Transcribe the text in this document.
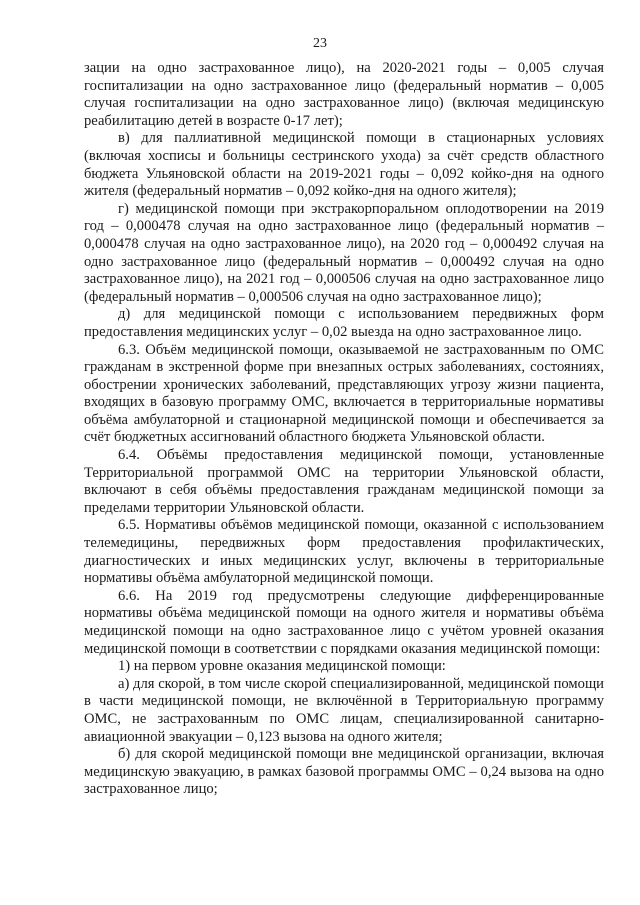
23

зации на одно застрахованное лицо), на 2020-2021 годы – 0,005 случая госпитализации на одно застрахованное лицо (федеральный норматив – 0,005 случая госпитализации на одно застрахованное лицо) (включая медицинскую реабилитацию детей в возрасте 0-17 лет);

в) для паллиативной медицинской помощи в стационарных условиях (включая хосписы и больницы сестринского ухода) за счёт средств областного бюджета Ульяновской области на 2019-2021 годы – 0,092 койко-дня на одного жителя (федеральный норматив – 0,092 койко-дня на одного жителя);

г) медицинской помощи при экстракорпоральном оплодотворении на 2019 год – 0,000478 случая на одно застрахованное лицо (федеральный норматив – 0,000478 случая на одно застрахованное лицо), на 2020 год – 0,000492 случая на одно застрахованное лицо (федеральный норматив – 0,000492 случая на одно застрахованное лицо), на 2021 год – 0,000506 случая на одно застрахованное лицо (федеральный норматив – 0,000506 случая на одно застрахованное лицо);

д) для медицинской помощи с использованием передвижных форм предоставления медицинских услуг – 0,02 выезда на одно застрахованное лицо.

6.3. Объём медицинской помощи, оказываемой не застрахованным по ОМС гражданам в экстренной форме при внезапных острых заболеваниях, состояниях, обострении хронических заболеваний, представляющих угрозу жизни пациента, входящих в базовую программу ОМС, включается в территориальные нормативы объёма амбулаторной и стационарной медицинской помощи и обеспечивается за счёт бюджетных ассигнований областного бюджета Ульяновской области.

6.4. Объёмы предоставления медицинской помощи, установленные Территориальной программой ОМС на территории Ульяновской области, включают в себя объёмы предоставления гражданам медицинской помощи за пределами территории Ульяновской области.

6.5. Нормативы объёмов медицинской помощи, оказанной с использованием телемедицины, передвижных форм предоставления профилактических, диагностических и иных медицинских услуг, включены в территориальные нормативы объёма амбулаторной медицинской помощи.

6.6. На 2019 год предусмотрены следующие дифференцированные нормативы объёма медицинской помощи на одного жителя и нормативы объёма медицинской помощи на одно застрахованное лицо с учётом уровней оказания медицинской помощи в соответствии с порядками оказания медицинской помощи:

1) на первом уровне оказания медицинской помощи:

а) для скорой, в том числе скорой специализированной, медицинской помощи в части медицинской помощи, не включённой в Территориальную программу ОМС, не застрахованным по ОМС лицам, специализированной санитарно-авиационной эвакуации – 0,123 вызова на одного жителя;

б) для скорой медицинской помощи вне медицинской организации, включая медицинскую эвакуацию, в рамках базовой программы ОМС – 0,24 вызова на одно застрахованное лицо;
